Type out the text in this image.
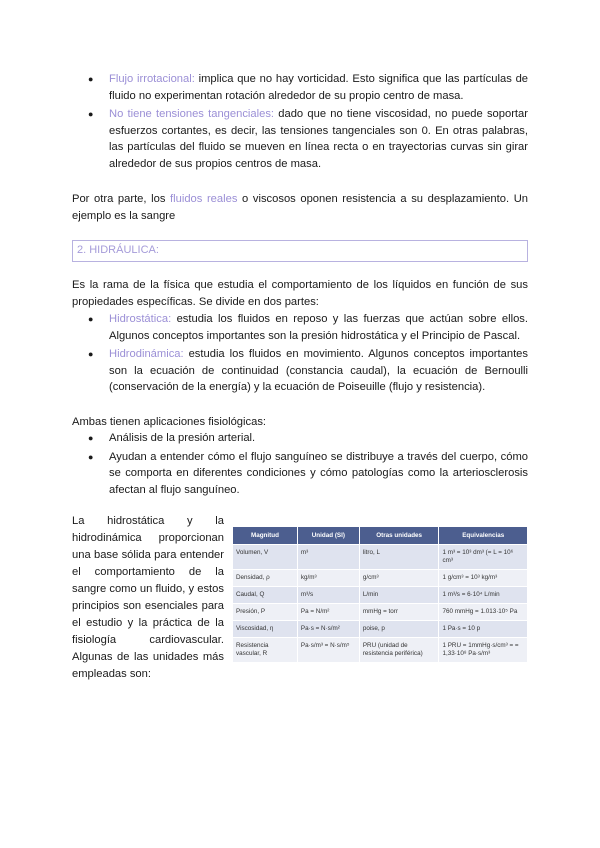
● Flujo irrotacional: implica que no hay vorticidad. Esto significa que las partículas de fluido no experimentan rotación alrededor de su propio centro de masa.
● No tiene tensiones tangenciales: dado que no tiene viscosidad, no puede soportar esfuerzos cortantes, es decir, las tensiones tangenciales son 0. En otras palabras, las partículas del fluido se mueven en línea recta o en trayectorias curvas sin girar alrededor de sus propios centros de masa.

Por otra parte, los fluidos reales o viscosos oponen resistencia a su desplazamiento. Un ejemplo es la sangre

2. HIDRÁULICA:

Es la rama de la física que estudia el comportamiento de los líquidos en función de sus propiedades específicas. Se divide en dos partes:

● Hidrostática: estudia los fluidos en reposo y las fuerzas que actúan sobre ellos. Algunos conceptos importantes son la presión hidrostática y el Principio de Pascal.
● Hidrodinámica: estudia los fluidos en movimiento. Algunos conceptos importantes son la ecuación de continuidad (constancia caudal), la ecuación de Bernoulli (conservación de la energía) y la ecuación de Poiseuille (flujo y resistencia).

Ambas tienen aplicaciones fisiológicas:

● Análisis de la presión arterial.
● Ayudan a entender cómo el flujo sanguíneo se distribuye a través del cuerpo, cómo se comporta en diferentes condiciones y cómo patologías como la arteriosclerosis afectan al flujo sanguíneo.

La hidrostática y la hidrodinámica proporcionan una base sólida para entender el comportamiento de la sangre como un fluido, y estos principios son esenciales para el estudio y la práctica de la fisiología cardiovascular. Algunas de las unidades más empleadas son:

Magnitud	Unidad (SI)	Otras unidades	Equivalencias
Volumen, V	m³	litro, L	1 m³ = 10³ dm³ (= L = 10⁶ cm³
Densidad, ρ	kg/m³	g/cm³	1 g/cm³ = 10³ kg/m³
Caudal, Q	m³/s	L/min	1 m³/s = 6·10⁴ L/min
Presión, P	Pa = N/m²	mmHg = torr	760 mmHg = 1.013·10⁵ Pa
Viscosidad, η	Pa·s = N·s/m²	poise, p	1 Pa·s = 10 p
Resistencia vascular, R	Pa·s/m³ = N·s/m⁵	PRU (unidad de resistencia periférica)	1 PRU = 1mmHg·s/cm³ = = 1,33·10⁸ Pa·s/m³
